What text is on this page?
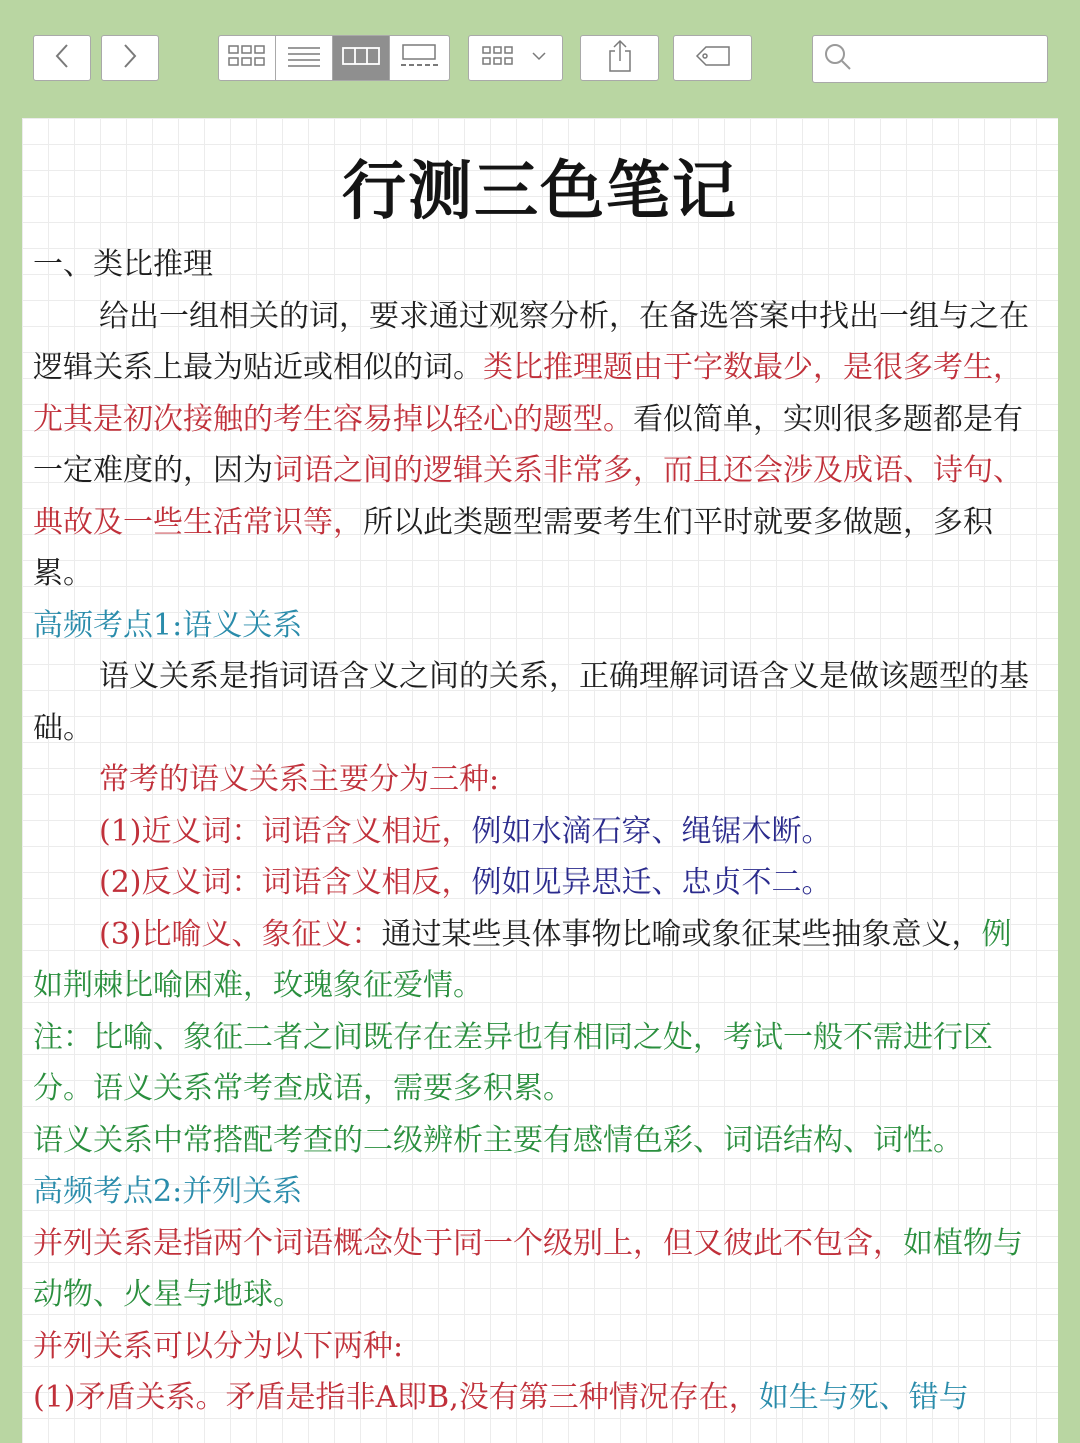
行测三色笔记

一、类比推理

给出一组相关的词，要求通过观察分析，在备选答案中找出一组与之在逻辑关系上最为贴近或相似的词。类比推理题由于字数最少，是很多考生，尤其是初次接触的考生容易掉以轻心的题型。看似简单，实则很多题都是有一定难度的，因为词语之间的逻辑关系非常多，而且还会涉及成语、诗句、典故及一些生活常识等，所以此类题型需要考生们平时就要多做题，多积累。

高频考点1:语义关系

语义关系是指词语含义之间的关系，正确理解词语含义是做该题型的基础。

常考的语义关系主要分为三种:

(1)近义词：词语含义相近，例如水滴石穿、绳锯木断。

(2)反义词：词语含义相反，例如见异思迁、忠贞不二。

(3)比喻义、象征义：通过某些具体事物比喻或象征某些抽象意义，例如荆棘比喻困难，玫瑰象征爱情。

注：比喻、象征二者之间既存在差异也有相同之处，考试一般不需进行区分。语义关系常考查成语，需要多积累。

语义关系中常搭配考查的二级辨析主要有感情色彩、词语结构、词性。

高频考点2:并列关系

并列关系是指两个词语概念处于同一个级别上，但又彼此不包含，如植物与动物、火星与地球。

并列关系可以分为以下两种:

(1)矛盾关系。矛盾是指非A即B,没有第三种情况存在，如生与死、错与
